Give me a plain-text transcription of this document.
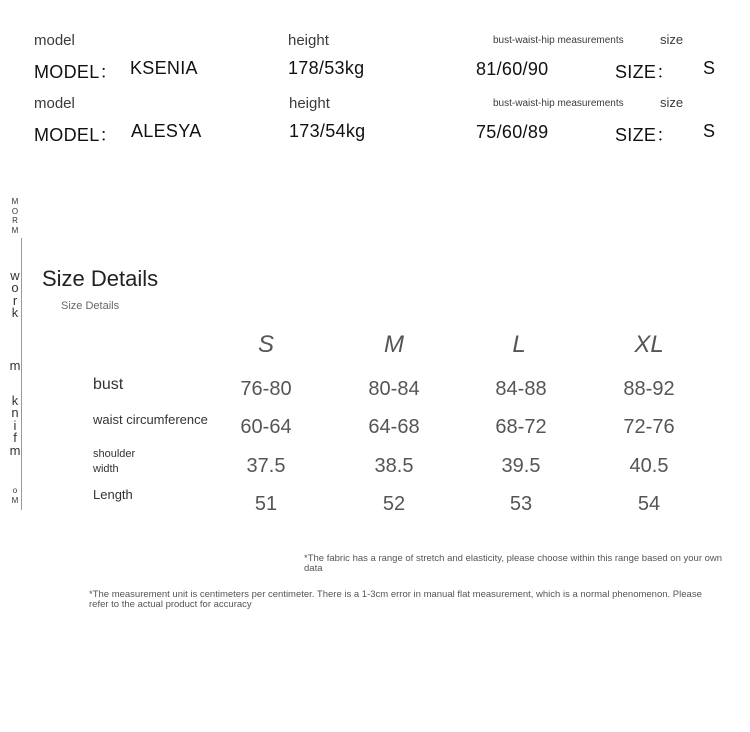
model	height	bust-waist-hip measurements	size
MODEL： KSENIA	178/53kg	81/60/90	SIZE： S
model	height	bust-waist-hip measurements	size
MODEL： ALESYA	173/54kg	75/60/89	SIZE： S
M
O
R
M
w
o
r
k
m
k
n
i
f
m
o
M
Size Details
Size Details
S	M	L	XL
bust	76-80	80-84	84-88	88-92
waist circumference	60-64	64-68	68-72	72-76
shoulder
width	37.5	38.5	39.5	40.5
Length	51	52	53	54
*The fabric has a range of stretch and elasticity, please choose within this range based on your own data
*The measurement unit is centimeters per centimeter. There is a 1-3cm error in manual flat measurement, which is a normal phenomenon. Please refer to the actual product for accuracy
